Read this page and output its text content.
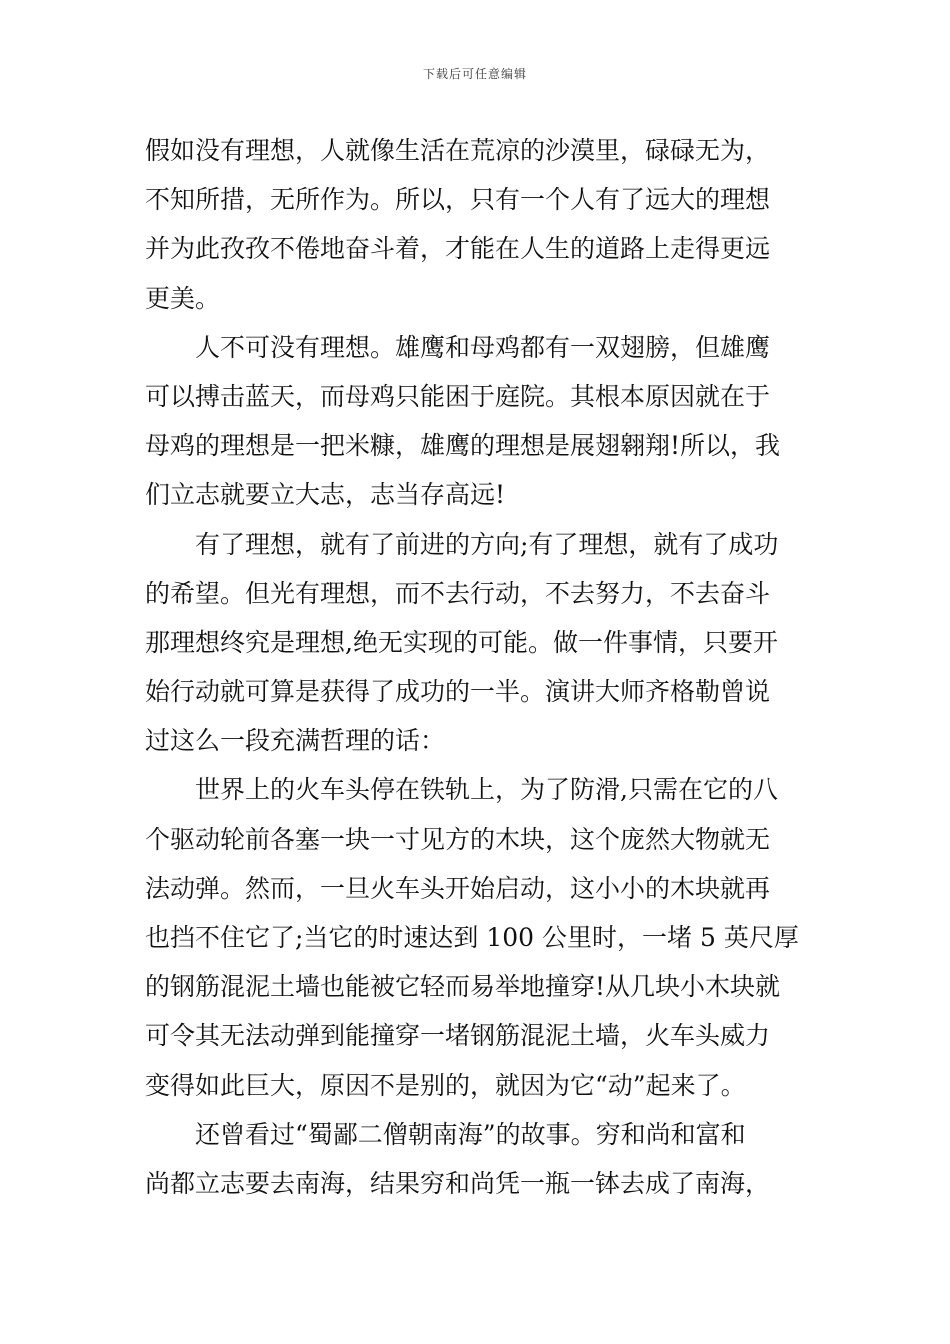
下载后可任意编辑
假如没有理想，人就像生活在荒凉的沙漠里，碌碌无为，
不知所措，无所作为。所以，只有一个人有了远大的理想
并为此孜孜不倦地奋斗着，才能在人生的道路上走得更远
更美。
人不可没有理想。雄鹰和母鸡都有一双翅膀，但雄鹰
可以搏击蓝天，而母鸡只能困于庭院。其根本原因就在于
母鸡的理想是一把米糠，雄鹰的理想是展翅翱翔!所以，我
们立志就要立大志，志当存高远!
有了理想，就有了前进的方向;有了理想，就有了成功
的希望。但光有理想，而不去行动，不去努力，不去奋斗
那理想终究是理想,绝无实现的可能。做一件事情，只要开
始行动就可算是获得了成功的一半。演讲大师齐格勒曾说
过这么一段充满哲理的话：
世界上的火车头停在铁轨上，为了防滑,只需在它的八
个驱动轮前各塞一块一寸见方的木块，这个庞然大物就无
法动弹。然而，一旦火车头开始启动，这小小的木块就再
也挡不住它了;当它的时速达到 100 公里时，一堵 5 英尺厚
的钢筋混泥土墙也能被它轻而易举地撞穿!从几块小木块就
可令其无法动弹到能撞穿一堵钢筋混泥土墙，火车头威力
变得如此巨大，原因不是别的，就因为它“动”起来了。
还曾看过“蜀鄙二僧朝南海”的故事。穷和尚和富和
尚都立志要去南海，结果穷和尚凭一瓶一钵去成了南海，
